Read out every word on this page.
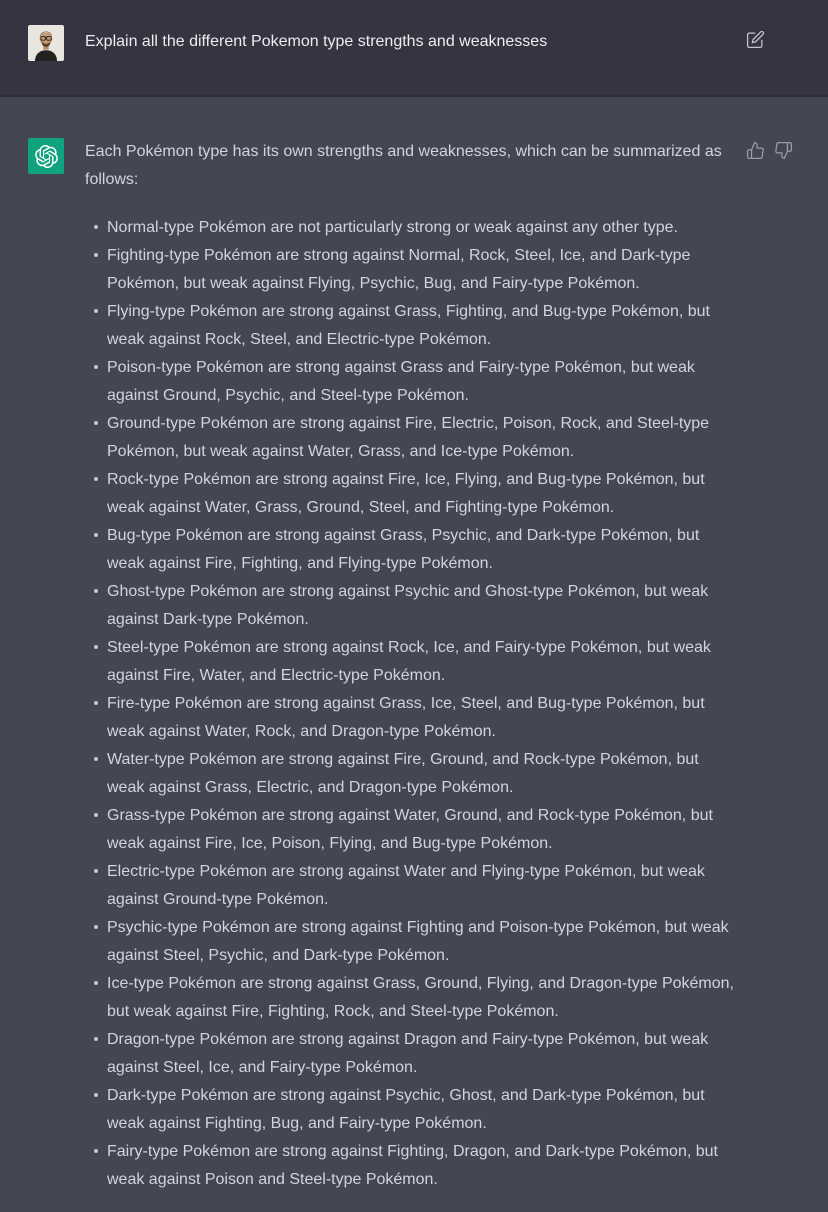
Explain all the different Pokemon type strengths and weaknesses

Each Pokémon type has its own strengths and weaknesses, which can be summarized as follows:

Normal-type Pokémon are not particularly strong or weak against any other type.
Fighting-type Pokémon are strong against Normal, Rock, Steel, Ice, and Dark-type Pokémon, but weak against Flying, Psychic, Bug, and Fairy-type Pokémon.
Flying-type Pokémon are strong against Grass, Fighting, and Bug-type Pokémon, but weak against Rock, Steel, and Electric-type Pokémon.
Poison-type Pokémon are strong against Grass and Fairy-type Pokémon, but weak against Ground, Psychic, and Steel-type Pokémon.
Ground-type Pokémon are strong against Fire, Electric, Poison, Rock, and Steel-type Pokémon, but weak against Water, Grass, and Ice-type Pokémon.
Rock-type Pokémon are strong against Fire, Ice, Flying, and Bug-type Pokémon, but weak against Water, Grass, Ground, Steel, and Fighting-type Pokémon.
Bug-type Pokémon are strong against Grass, Psychic, and Dark-type Pokémon, but weak against Fire, Fighting, and Flying-type Pokémon.
Ghost-type Pokémon are strong against Psychic and Ghost-type Pokémon, but weak against Dark-type Pokémon.
Steel-type Pokémon are strong against Rock, Ice, and Fairy-type Pokémon, but weak against Fire, Water, and Electric-type Pokémon.
Fire-type Pokémon are strong against Grass, Ice, Steel, and Bug-type Pokémon, but weak against Water, Rock, and Dragon-type Pokémon.
Water-type Pokémon are strong against Fire, Ground, and Rock-type Pokémon, but weak against Grass, Electric, and Dragon-type Pokémon.
Grass-type Pokémon are strong against Water, Ground, and Rock-type Pokémon, but weak against Fire, Ice, Poison, Flying, and Bug-type Pokémon.
Electric-type Pokémon are strong against Water and Flying-type Pokémon, but weak against Ground-type Pokémon.
Psychic-type Pokémon are strong against Fighting and Poison-type Pokémon, but weak against Steel, Psychic, and Dark-type Pokémon.
Ice-type Pokémon are strong against Grass, Ground, Flying, and Dragon-type Pokémon, but weak against Fire, Fighting, Rock, and Steel-type Pokémon.
Dragon-type Pokémon are strong against Dragon and Fairy-type Pokémon, but weak against Steel, Ice, and Fairy-type Pokémon.
Dark-type Pokémon are strong against Psychic, Ghost, and Dark-type Pokémon, but weak against Fighting, Bug, and Fairy-type Pokémon.
Fairy-type Pokémon are strong against Fighting, Dragon, and Dark-type Pokémon, but weak against Poison and Steel-type Pokémon.
